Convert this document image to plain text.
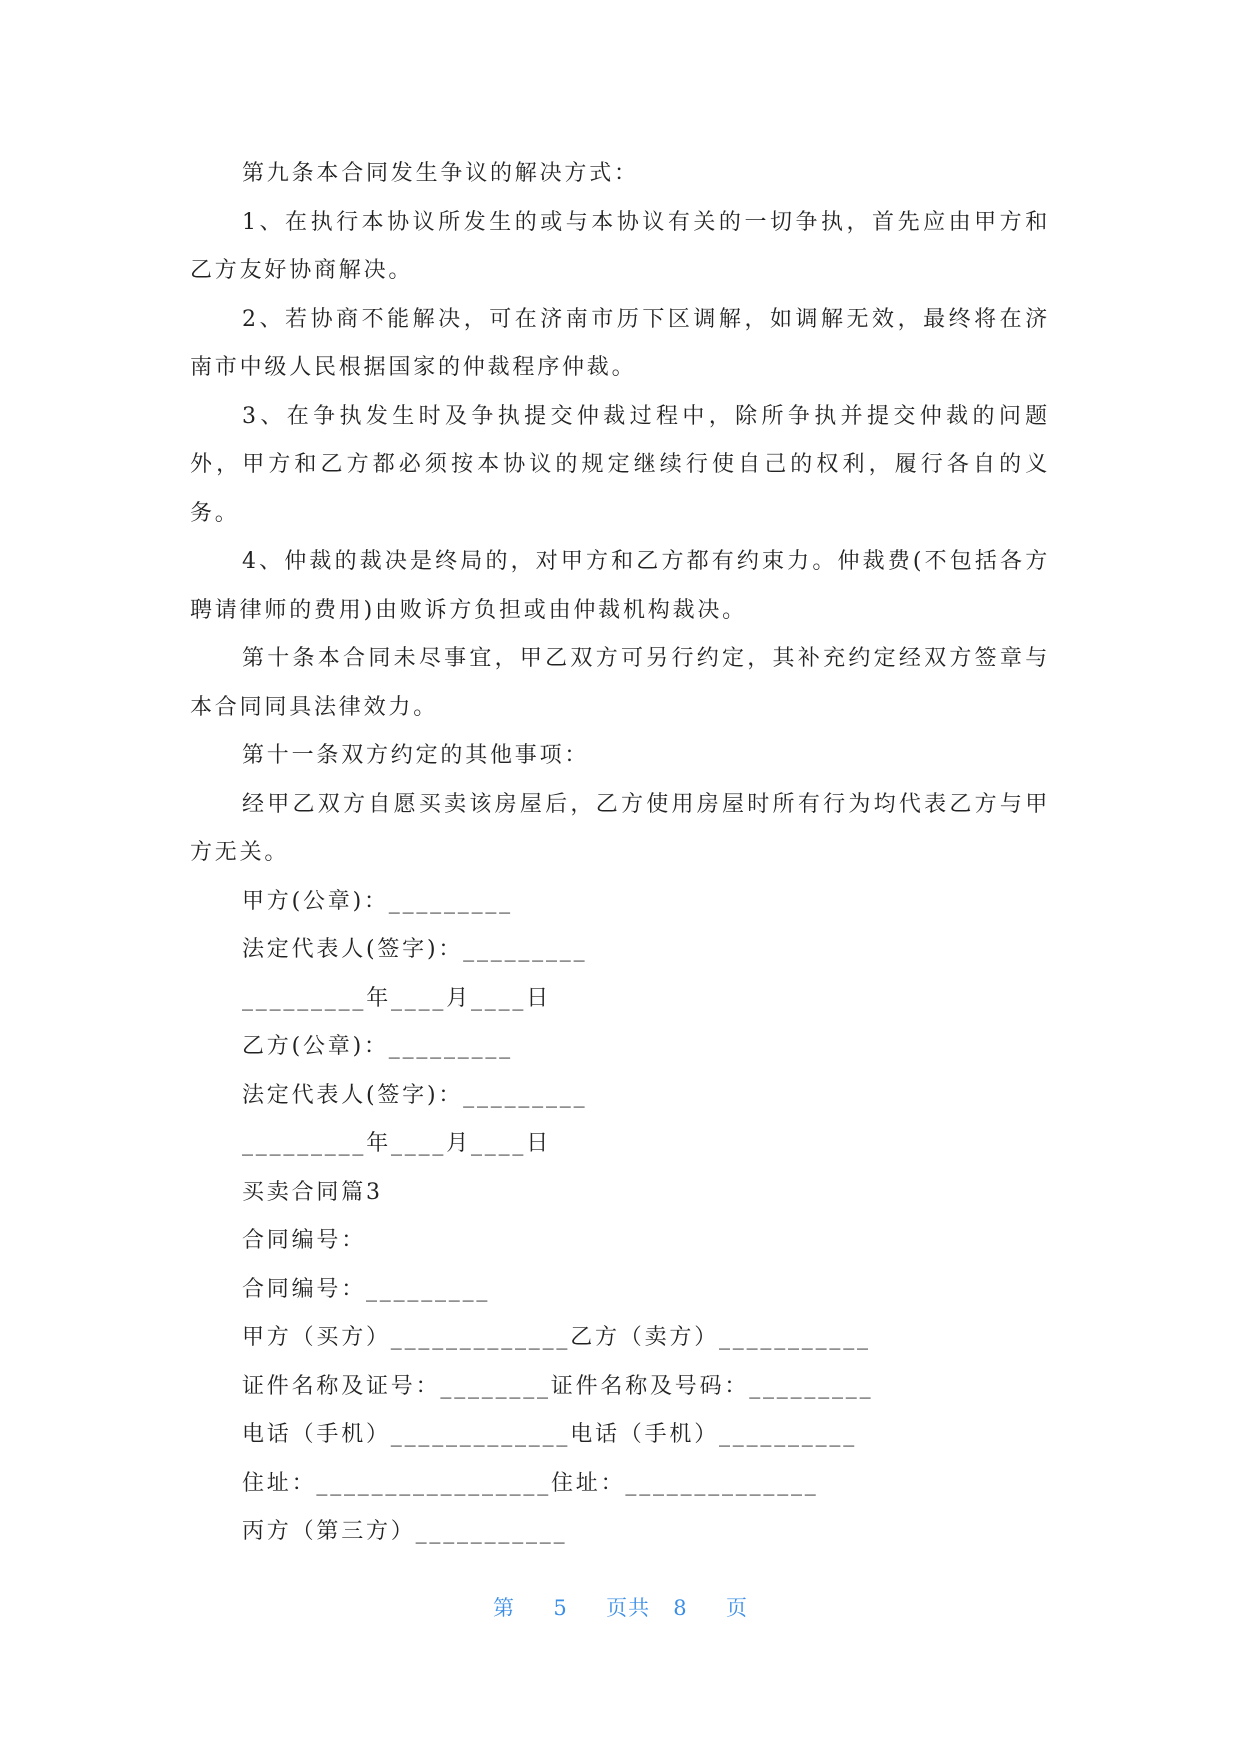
第九条本合同发生争议的解决方式：

1、在执行本协议所发生的或与本协议有关的一切争执，首先应由甲方和乙方友好协商解决。

2、若协商不能解决，可在济南市历下区调解，如调解无效，最终将在济南市中级人民根据国家的仲裁程序仲裁。

3、在争执发生时及争执提交仲裁过程中，除所争执并提交仲裁的问题外，甲方和乙方都必须按本协议的规定继续行使自己的权利，履行各自的义务。

4、仲裁的裁决是终局的，对甲方和乙方都有约束力。仲裁费(不包括各方聘请律师的费用)由败诉方负担或由仲裁机构裁决。

第十条本合同未尽事宜，甲乙双方可另行约定，其补充约定经双方签章与本合同同具法律效力。

第十一条双方约定的其他事项：

经甲乙双方自愿买卖该房屋后，乙方使用房屋时所有行为均代表乙方与甲方无关。

甲方(公章)：_________

法定代表人(签字)：_________

_________年____月____日

乙方(公章)：_________

法定代表人(签字)：_________

_________年____月____日

买卖合同篇3

合同编号：

合同编号：_________

甲方（买方）_____________乙方（卖方）___________

证件名称及证号：________证件名称及号码：_________

电话（手机）_____________电话（手机）__________

住址：_________________住址：______________

丙方（第三方）___________

第 5 页共 8 页
